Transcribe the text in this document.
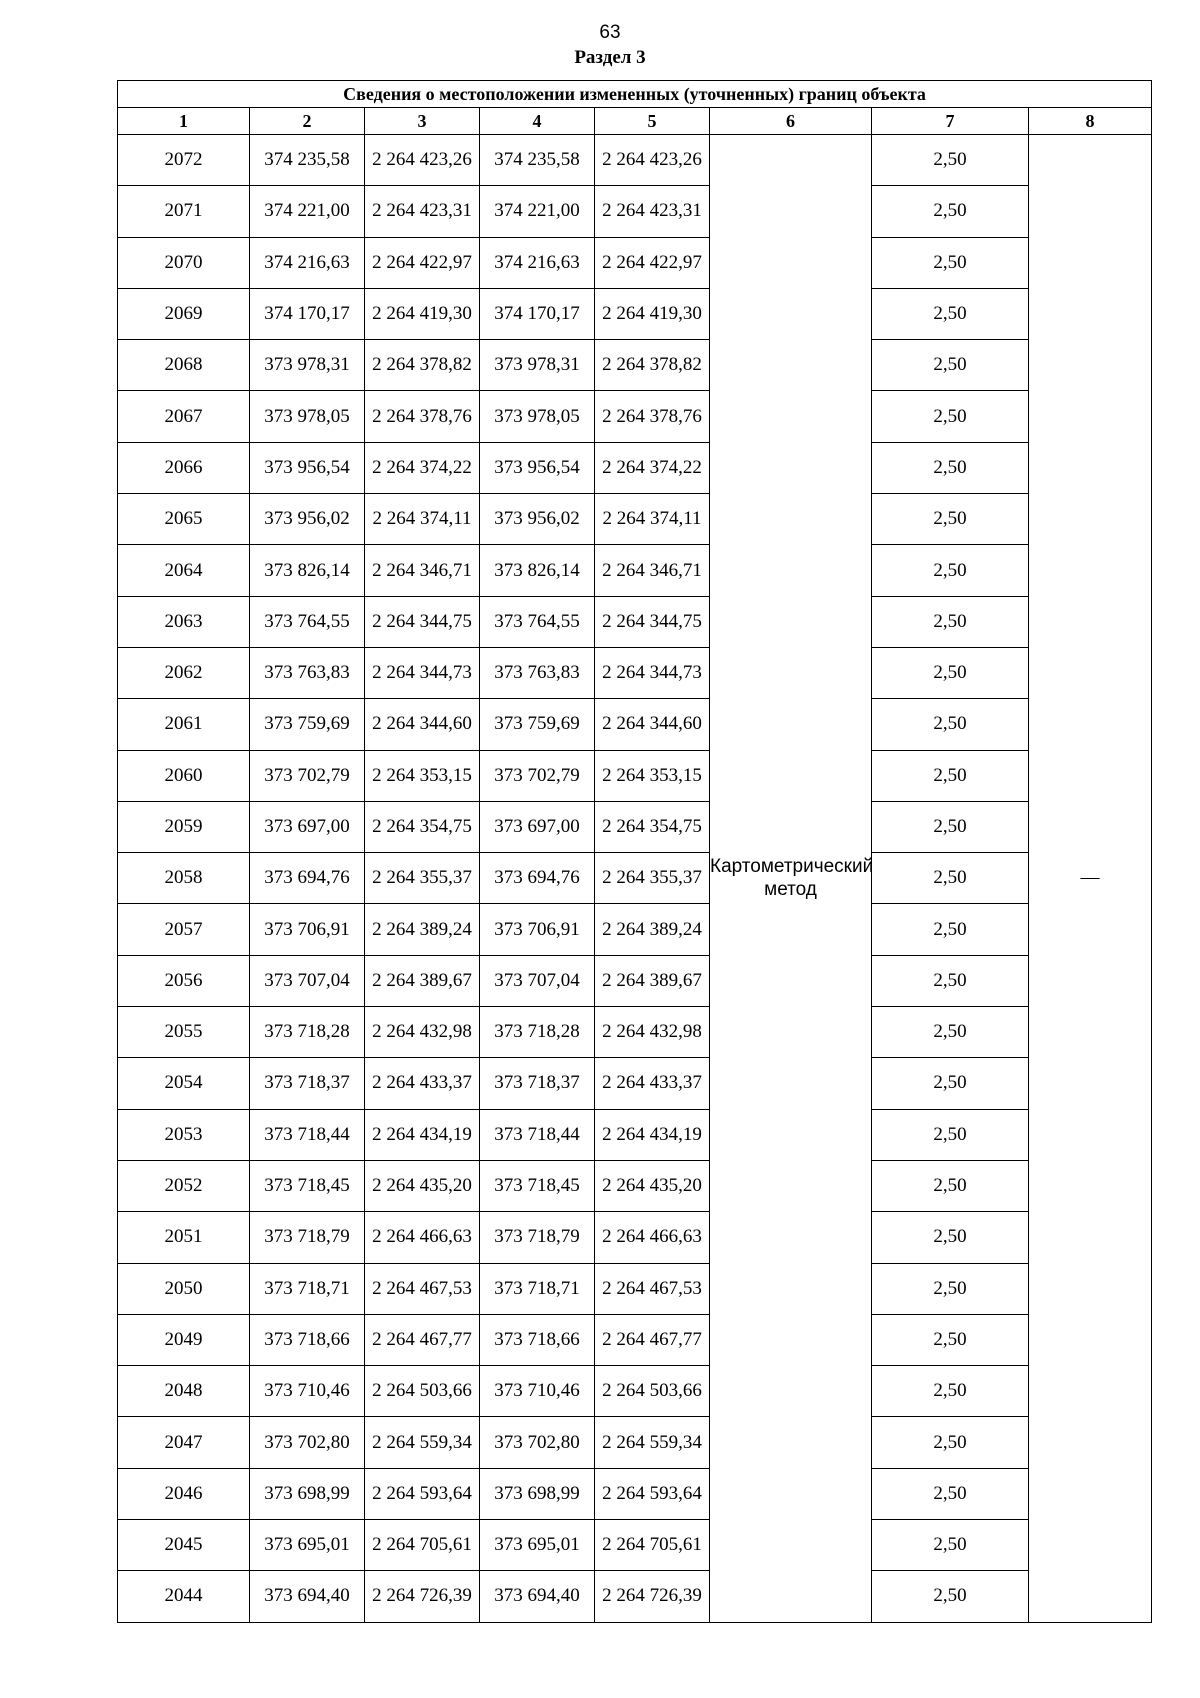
63
Раздел 3
Сведения о местоположении измененных (уточненных) границ объекта							
1	2	3	4	5	6	7	8
2072	374 235,58	2 264 423,26	374 235,58	2 264 423,26	Картометрический метод	2,50	—
2071	374 221,00	2 264 423,31	374 221,00	2 264 423,31		2,50	
2070	374 216,63	2 264 422,97	374 216,63	2 264 422,97		2,50	
2069	374 170,17	2 264 419,30	374 170,17	2 264 419,30		2,50	
2068	373 978,31	2 264 378,82	373 978,31	2 264 378,82		2,50	
2067	373 978,05	2 264 378,76	373 978,05	2 264 378,76		2,50	
2066	373 956,54	2 264 374,22	373 956,54	2 264 374,22		2,50	
2065	373 956,02	2 264 374,11	373 956,02	2 264 374,11		2,50	
2064	373 826,14	2 264 346,71	373 826,14	2 264 346,71		2,50	
2063	373 764,55	2 264 344,75	373 764,55	2 264 344,75		2,50	
2062	373 763,83	2 264 344,73	373 763,83	2 264 344,73		2,50	
2061	373 759,69	2 264 344,60	373 759,69	2 264 344,60		2,50	
2060	373 702,79	2 264 353,15	373 702,79	2 264 353,15		2,50	
2059	373 697,00	2 264 354,75	373 697,00	2 264 354,75		2,50	
2058	373 694,76	2 264 355,37	373 694,76	2 264 355,37		2,50	
2057	373 706,91	2 264 389,24	373 706,91	2 264 389,24		2,50	
2056	373 707,04	2 264 389,67	373 707,04	2 264 389,67		2,50	
2055	373 718,28	2 264 432,98	373 718,28	2 264 432,98		2,50	
2054	373 718,37	2 264 433,37	373 718,37	2 264 433,37		2,50	
2053	373 718,44	2 264 434,19	373 718,44	2 264 434,19		2,50	
2052	373 718,45	2 264 435,20	373 718,45	2 264 435,20		2,50	
2051	373 718,79	2 264 466,63	373 718,79	2 264 466,63		2,50	
2050	373 718,71	2 264 467,53	373 718,71	2 264 467,53		2,50	
2049	373 718,66	2 264 467,77	373 718,66	2 264 467,77		2,50	
2048	373 710,46	2 264 503,66	373 710,46	2 264 503,66		2,50	
2047	373 702,80	2 264 559,34	373 702,80	2 264 559,34		2,50	
2046	373 698,99	2 264 593,64	373 698,99	2 264 593,64		2,50	
2045	373 695,01	2 264 705,61	373 695,01	2 264 705,61		2,50	
2044	373 694,40	2 264 726,39	373 694,40	2 264 726,39		2,50	
